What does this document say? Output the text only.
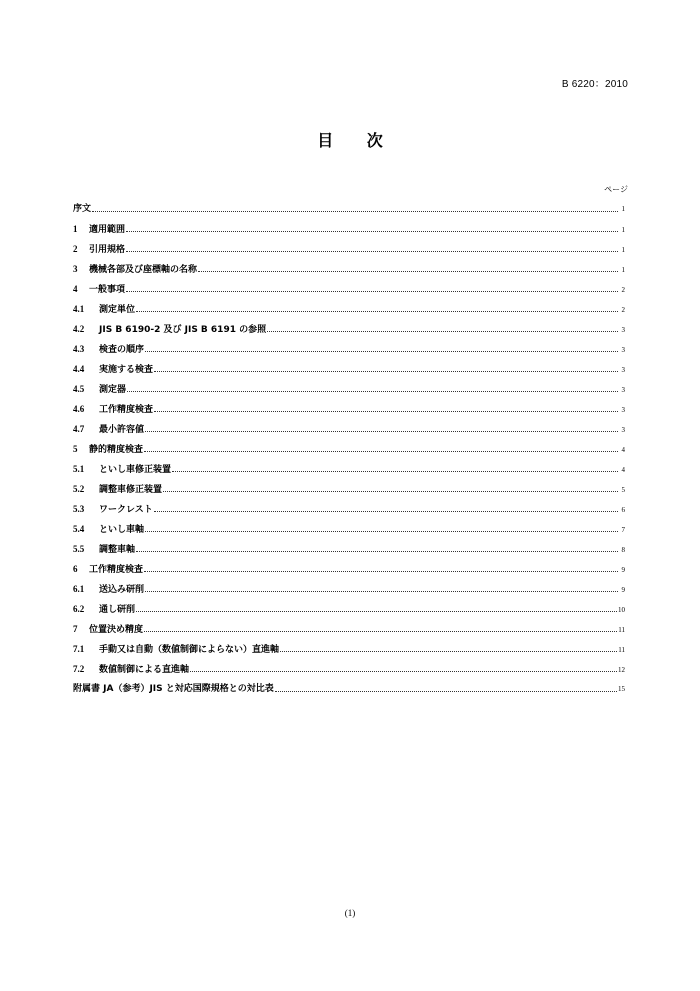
B 6220：2010
目 次
ページ
序文	1
1	適用範囲	1
2	引用規格	1
3	機械各部及び座標軸の名称	1
4	一般事項	2
4.1	測定単位	2
4.2	JIS B 6190-2 及び JIS B 6191 の参照	3
4.3	検査の順序	3
4.4	実施する検査	3
4.5	測定器	3
4.6	工作精度検査	3
4.7	最小許容値	3
5	静的精度検査	4
5.1	といし車修正装置	4
5.2	調整車修正装置	5
5.3	ワークレスト	6
5.4	といし車軸	7
5.5	調整車軸	8
6	工作精度検査	9
6.1	送込み研削	9
6.2	通し研削	10
7	位置決め精度	11
7.1	手動又は自動（数値制御によらない）直進軸	11
7.2	数値制御による直進軸	12
附属書 JA（参考）JIS と対応国際規格との対比表	15
(1)
